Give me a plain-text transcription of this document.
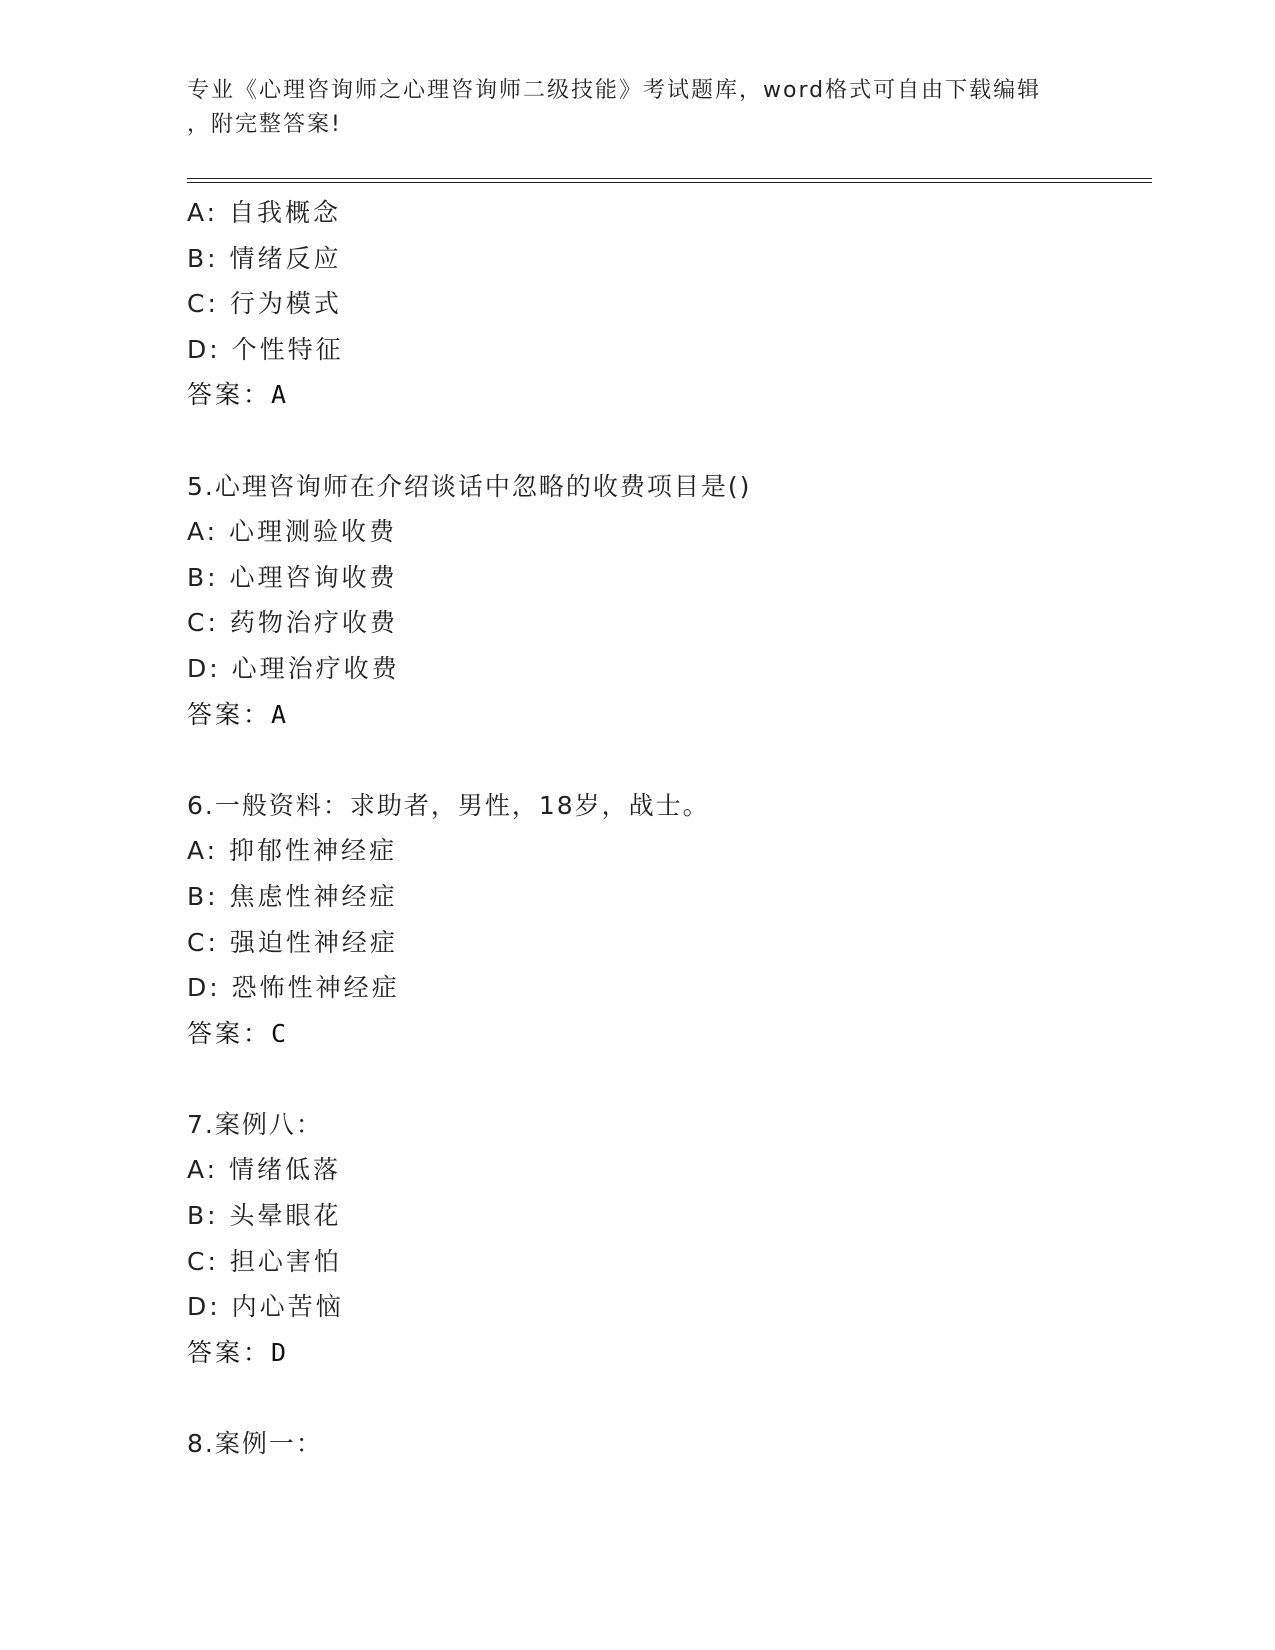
专业《心理咨询师之心理咨询师二级技能》考试题库，word格式可自由下载编辑
，附完整答案!
A: 自我概念
B: 情绪反应
C: 行为模式
D: 个性特征
答案：A
5.心理咨询师在介绍谈话中忽略的收费项目是()
A: 心理测验收费
B: 心理咨询收费
C: 药物治疗收费
D: 心理治疗收费
答案：A
6.一般资料：求助者，男性，18岁，战士。
A: 抑郁性神经症
B: 焦虑性神经症
C: 强迫性神经症
D: 恐怖性神经症
答案：C
7.案例八：
A: 情绪低落
B: 头晕眼花
C: 担心害怕
D: 内心苦恼
答案：D
8.案例一：
